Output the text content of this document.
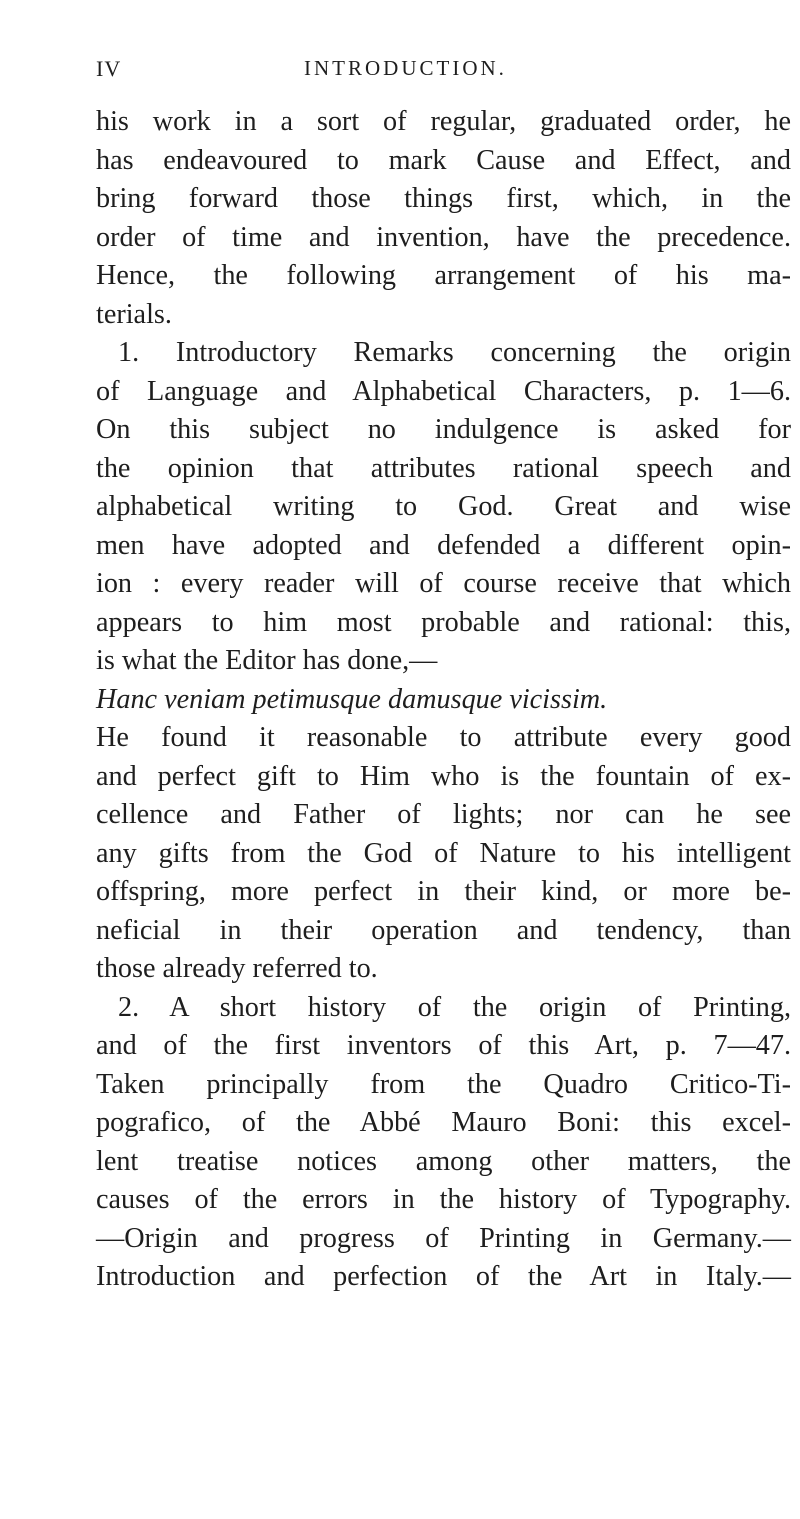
IV	INTRODUCTION.
his work in a sort of regular, graduated order, he
has endeavoured to mark Cause and Effect, and
bring forward those things first, which, in the
order of time and invention, have the precedence.
Hence, the following arrangement of his ma-
terials.
1. Introductory Remarks concerning the origin
of Language and Alphabetical Characters, p. 1—6.
On this subject no indulgence is asked for
the opinion that attributes rational speech and
alphabetical writing to God. Great and wise
men have adopted and defended a different opin-
ion : every reader will of course receive that which
appears to him most probable and rational: this,
is what the Editor has done,—
Hanc veniam petimusque damusque vicissim.
He found it reasonable to attribute every good
and perfect gift to Him who is the fountain of ex-
cellence and Father of lights; nor can he see
any gifts from the God of Nature to his intelligent
offspring, more perfect in their kind, or more be-
neficial in their operation and tendency, than
those already referred to.
2. A short history of the origin of Printing,
and of the first inventors of this Art, p. 7—47.
Taken principally from the Quadro Critico-Ti-
pografico, of the Abbé Mauro Boni: this excel-
lent treatise notices among other matters, the
causes of the errors in the history of Typography.
—Origin and progress of Printing in Germany.—
Introduction and perfection of the Art in Italy.—
